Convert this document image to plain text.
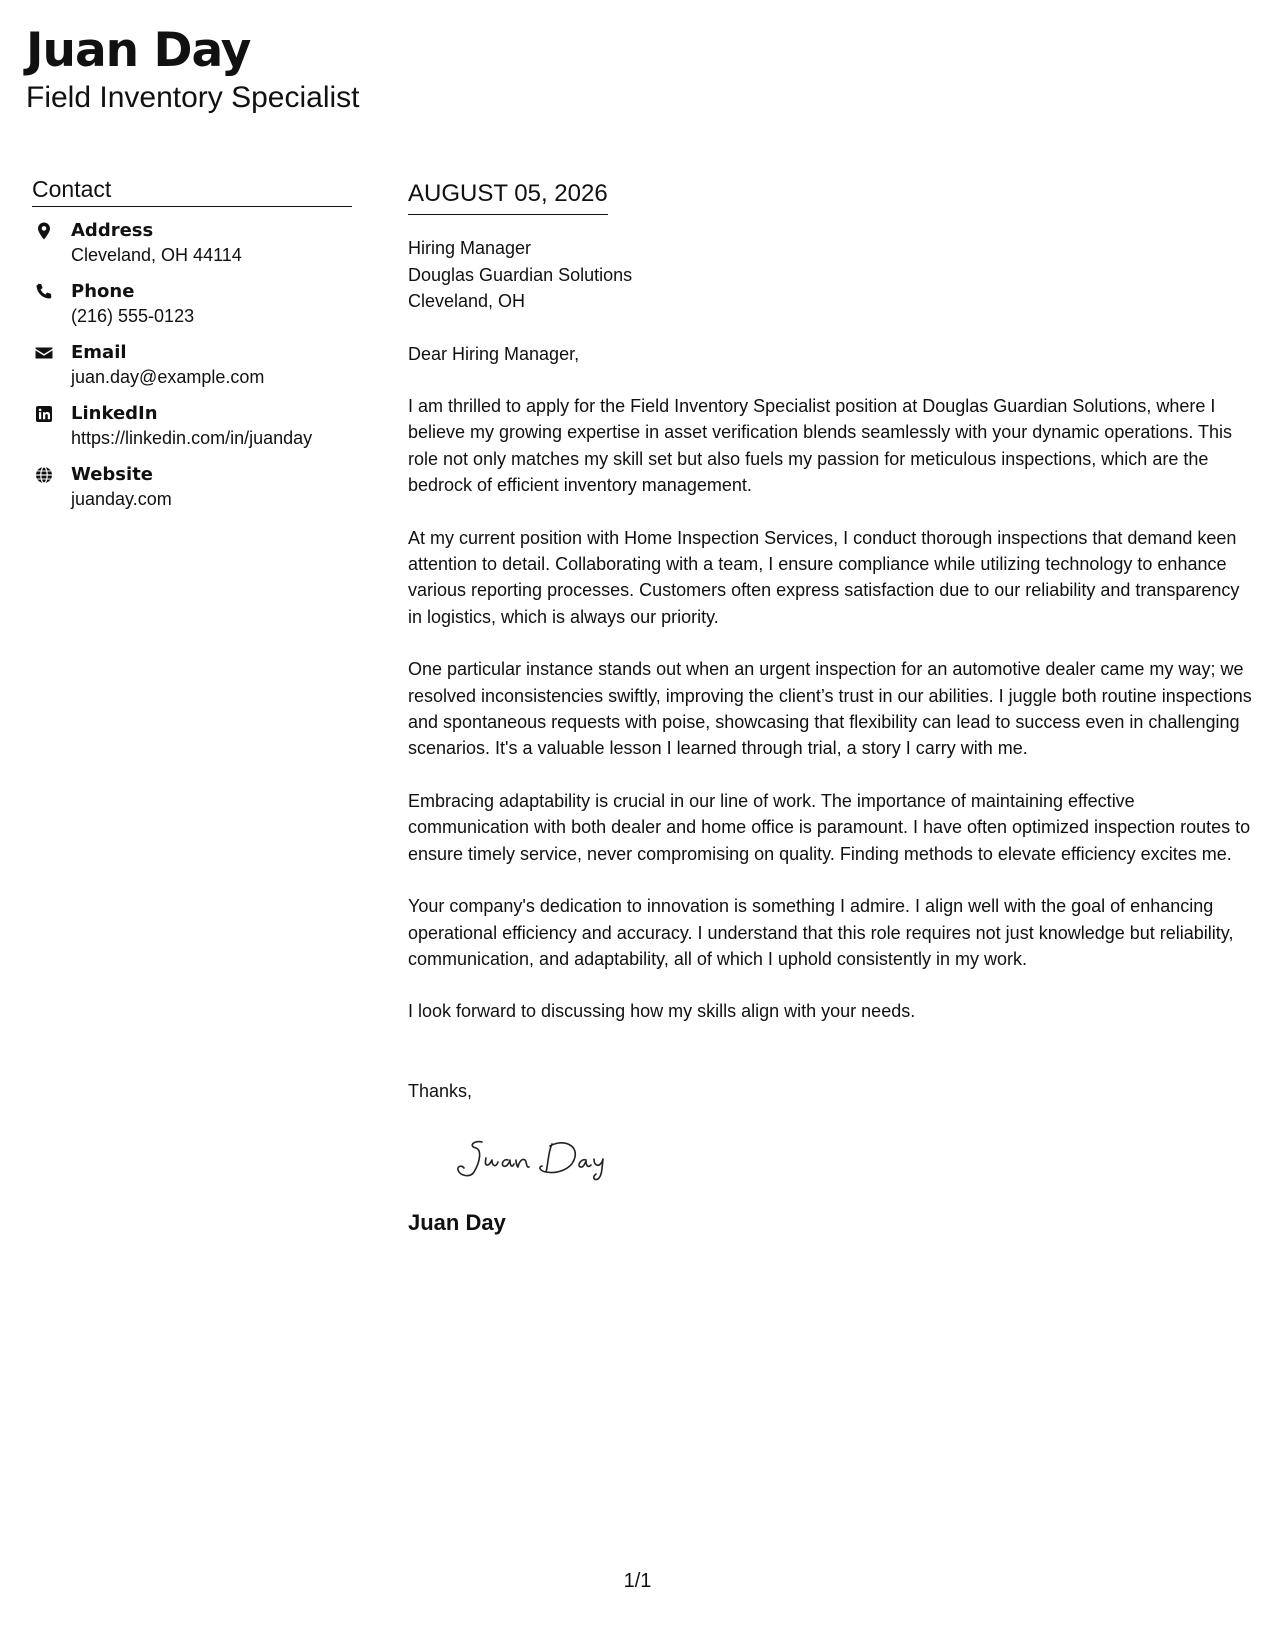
Juan Day
Field Inventory Specialist
Contact
Address
Cleveland, OH 44114
Phone
(216) 555-0123
Email
juan.day@example.com
LinkedIn
https://linkedin.com/in/juanday
Website
juanday.com
AUGUST 05, 2026
Hiring Manager
Douglas Guardian Solutions
Cleveland, OH
Dear Hiring Manager,
I am thrilled to apply for the Field Inventory Specialist position at Douglas Guardian Solutions, where I believe my growing expertise in asset verification blends seamlessly with your dynamic operations. This role not only matches my skill set but also fuels my passion for meticulous inspections, which are the bedrock of efficient inventory management.
At my current position with Home Inspection Services, I conduct thorough inspections that demand keen attention to detail. Collaborating with a team, I ensure compliance while utilizing technology to enhance various reporting processes. Customers often express satisfaction due to our reliability and transparency in logistics, which is always our priority.
One particular instance stands out when an urgent inspection for an automotive dealer came my way; we resolved inconsistencies swiftly, improving the client’s trust in our abilities. I juggle both routine inspections and spontaneous requests with poise, showcasing that flexibility can lead to success even in challenging scenarios. It's a valuable lesson I learned through trial, a story I carry with me.
Embracing adaptability is crucial in our line of work. The importance of maintaining effective communication with both dealer and home office is paramount. I have often optimized inspection routes to ensure timely service, never compromising on quality. Finding methods to elevate efficiency excites me.
Your company's dedication to innovation is something I admire. I align well with the goal of enhancing operational efficiency and accuracy. I understand that this role requires not just knowledge but reliability, communication, and adaptability, all of which I uphold consistently in my work.
I look forward to discussing how my skills align with your needs.
Thanks,
Juan Day
1/1
